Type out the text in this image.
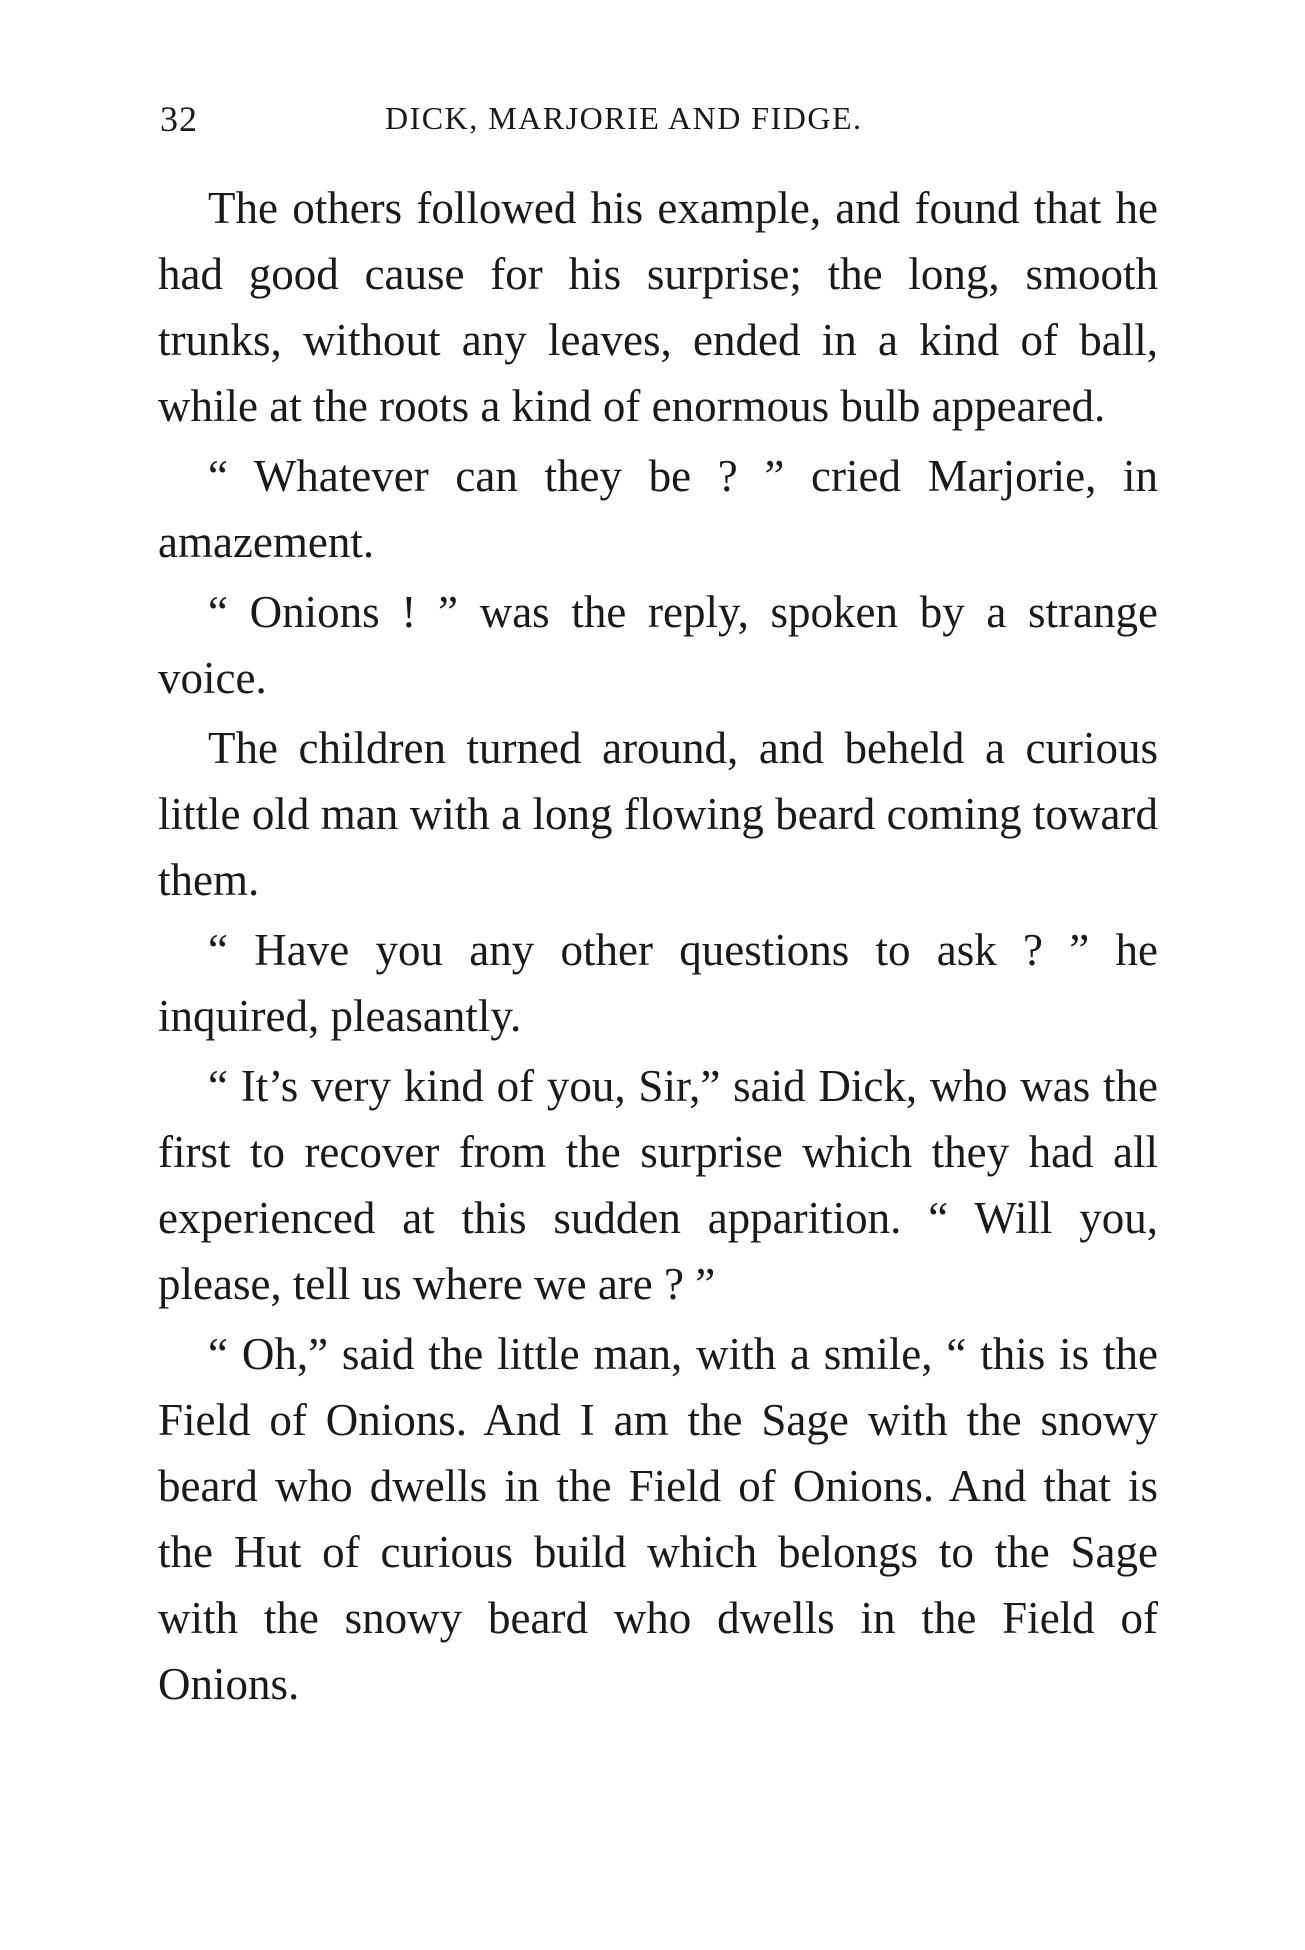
32	DICK, MARJORIE AND FIDGE.

The others followed his example, and found that he had good cause for his surprise; the long, smooth trunks, without any leaves, ended in a kind of ball, while at the roots a kind of enormous bulb appeared.

“ Whatever can they be ? ” cried Marjorie, in amazement.

“ Onions ! ” was the reply, spoken by a strange voice.

The children turned around, and beheld a curious little old man with a long flowing beard coming toward them.

“ Have you any other questions to ask ? ” he inquired, pleasantly.

“ It’s very kind of you, Sir,” said Dick, who was the first to recover from the surprise which they had all experienced at this sudden apparition. “ Will you, please, tell us where we are ? ”

“ Oh,” said the little man, with a smile, “ this is the Field of Onions. And I am the Sage with the snowy beard who dwells in the Field of Onions. And that is the Hut of curious build which belongs to the Sage with the snowy beard who dwells in the Field of Onions.
